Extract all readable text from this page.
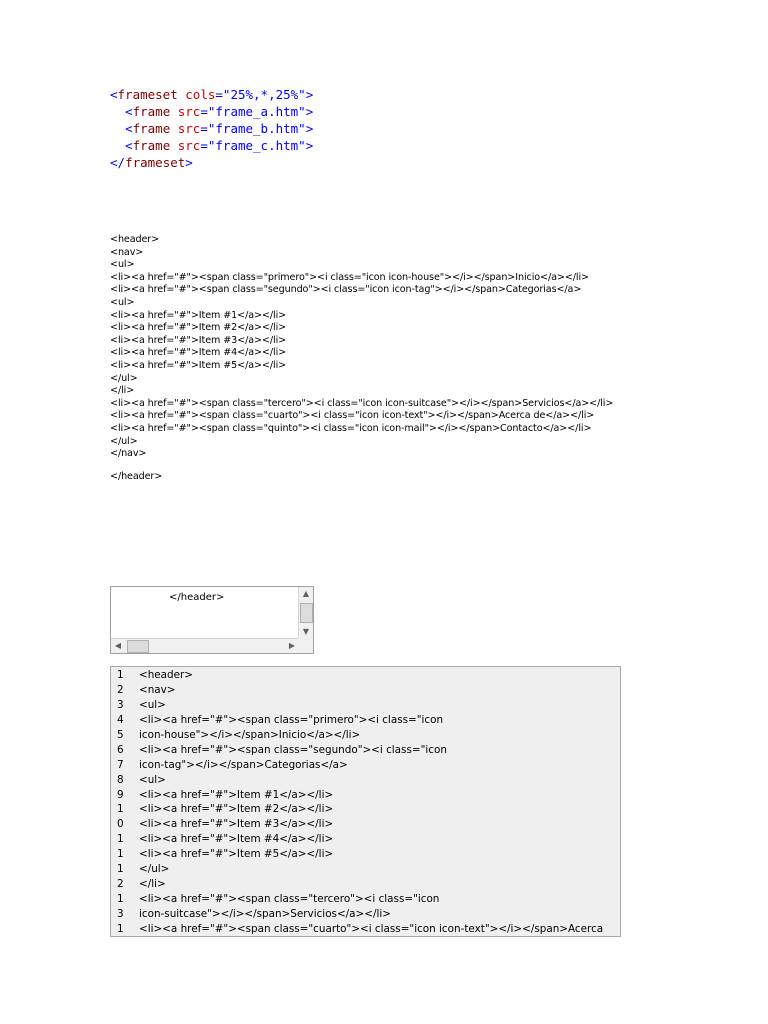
<frameset cols="25%,*,25%">
<frame src="frame_a.htm">
<frame src="frame_b.htm">
<frame src="frame_c.htm">
</frameset>
<header>
<nav>
<ul>
<li><a href="#"><span class="primero"><i class="icon icon-house"></i></span>Inicio</a></li>
<li><a href="#"><span class="segundo"><i class="icon icon-tag"></i></span>Categorias</a>
<ul>
<li><a href="#">Item #1</a></li>
<li><a href="#">Item #2</a></li>
<li><a href="#">Item #3</a></li>
<li><a href="#">Item #4</a></li>
<li><a href="#">Item #5</a></li>
</ul>
</li>
<li><a href="#"><span class="tercero"><i class="icon icon-suitcase"></i></span>Servicios</a></li>
<li><a href="#"><span class="cuarto"><i class="icon icon-text"></i></span>Acerca de</a></li>
<li><a href="#"><span class="quinto"><i class="icon icon-mail"></i></span>Contacto</a></li>
</ul>
</nav>
</header>
</header>	▲
▼
◀	▶
1	<header>
2	<nav>
3	<ul>
4	<li><a href="#"><span class="primero"><i class="icon
5	icon-house"></i></span>Inicio</a></li>
6	<li><a href="#"><span class="segundo"><i class="icon
7	icon-tag"></i></span>Categorias</a>
8	<ul>
9	<li><a href="#">Item #1</a></li>
1	<li><a href="#">Item #2</a></li>
0	<li><a href="#">Item #3</a></li>
1	<li><a href="#">Item #4</a></li>
1	<li><a href="#">Item #5</a></li>
1	</ul>
2	</li>
1	<li><a href="#"><span class="tercero"><i class="icon
3	icon-suitcase"></i></span>Servicios</a></li>
1	<li><a href="#"><span class="cuarto"><i class="icon icon-text"></i></span>Acerca
